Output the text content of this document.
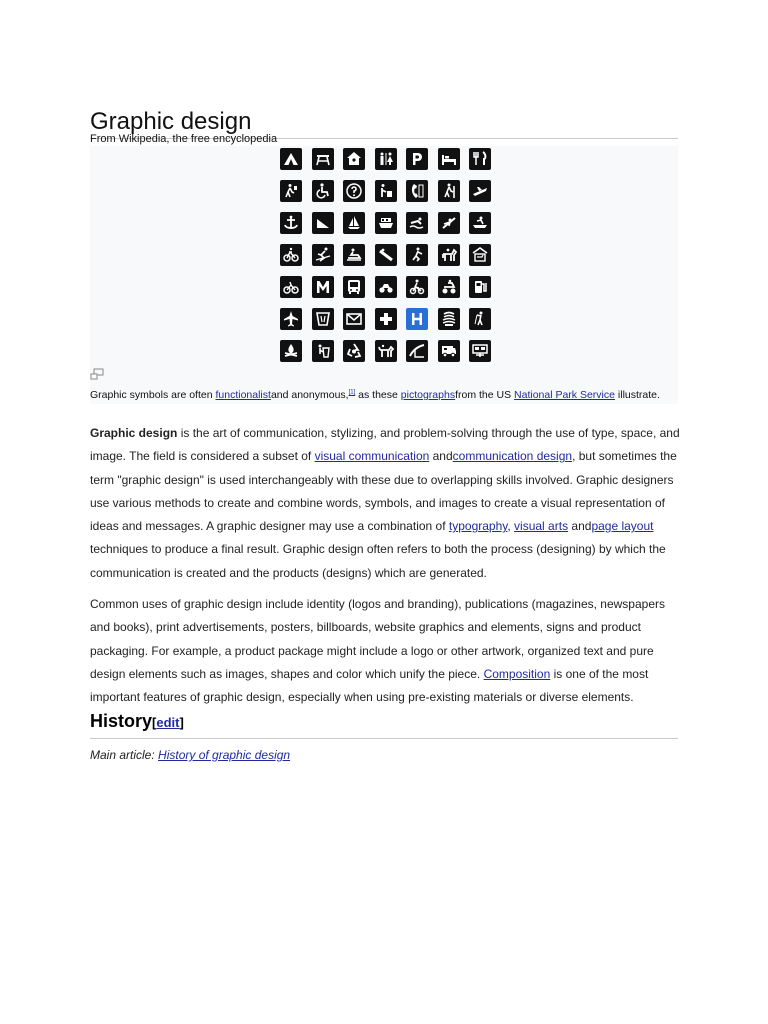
Graphic design
From Wikipedia, the free encyclopedia
Graphic symbols are often functionalistand anonymous,[1] as these pictographsfrom the US National Park Service illustrate.

Graphic design is the art of communication, stylizing, and problem-solving through the use of type, space, and image. The field is considered a subset of visual communication andcommunication design, but sometimes the term "graphic design" is used interchangeably with these due to overlapping skills involved. Graphic designers use various methods to create and combine words, symbols, and images to create a visual representation of ideas and messages. A graphic designer may use a combination of typography, visual arts andpage layout techniques to produce a final result. Graphic design often refers to both the process (designing) by which the communication is created and the products (designs) which are generated.

Common uses of graphic design include identity (logos and branding), publications (magazines, newspapers and books), print advertisements, posters, billboards, website graphics and elements, signs and product packaging. For example, a product package might include a logo or other artwork, organized text and pure design elements such as images, shapes and color which unify the piece. Composition is one of the most important features of graphic design, especially when using pre-existing materials or diverse elements.

History[edit]
Main article: History of graphic design
